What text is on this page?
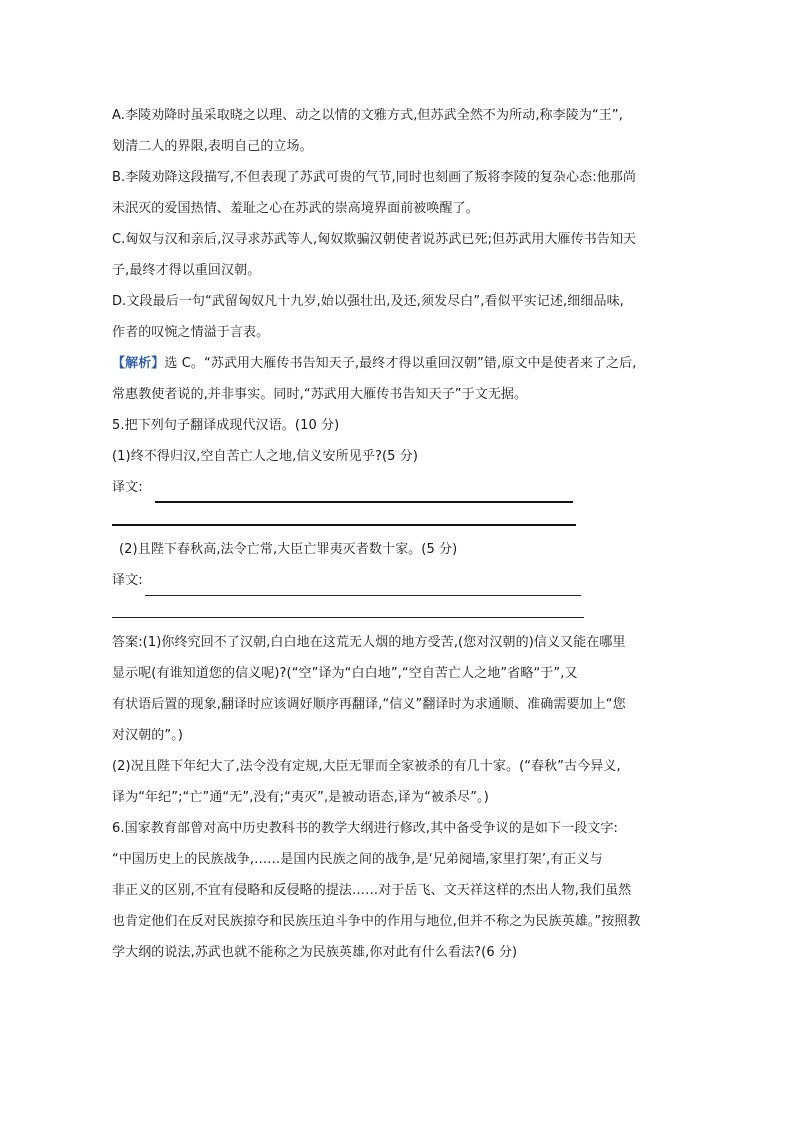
A.李陵劝降时虽采取晓之以理、动之以情的文雅方式,但苏武全然不为所动,称李陵为“王”,
划清二人的界限,表明自己的立场。
B.李陵劝降这段描写,不但表现了苏武可贵的气节,同时也刻画了叛将李陵的复杂心态:他那尚
未泯灭的爱国热情、羞耻之心在苏武的崇高境界面前被唤醒了。
C.匈奴与汉和亲后,汉寻求苏武等人,匈奴欺骗汉朝使者说苏武已死;但苏武用大雁传书告知天
子,最终才得以重回汉朝。
D.文段最后一句“武留匈奴凡十九岁,始以强壮出,及还,须发尽白”,看似平实记述,细细品味,
作者的叹惋之情溢于言表。
【解析】选 C。“苏武用大雁传书告知天子,最终才得以重回汉朝”错,原文中是使者来了之后,
常惠教使者说的,并非事实。同时,“苏武用大雁传书告知天子”于文无据。
5.把下列句子翻译成现代汉语。(10 分)
(1)终不得归汉,空自苦亡人之地,信义安所见乎?(5 分)
译文:
(2)且陛下春秋高,法令亡常,大臣亡罪夷灭者数十家。(5 分)
译文:
答案:(1)你终究回不了汉朝,白白地在这荒无人烟的地方受苦,(您对汉朝的)信义又能在哪里
显示呢(有谁知道您的信义呢)?(“空”译为“白白地”,“空自苦亡人之地”省略“于”,又
有状语后置的现象,翻译时应该调好顺序再翻译,“信义”翻译时为求通顺、准确需要加上“您
对汉朝的”。)
(2)况且陛下年纪大了,法令没有定规,大臣无罪而全家被杀的有几十家。(“春秋”古今异义,
译为“年纪”;“亡”通“无”,没有;“夷灭”,是被动语态,译为“被杀尽”。)
6.国家教育部曾对高中历史教科书的教学大纲进行修改,其中备受争议的是如下一段文字:
“中国历史上的民族战争,……是国内民族之间的战争,是‘兄弟阋墙,家里打架’,有正义与
非正义的区别,不宜有侵略和反侵略的提法……对于岳飞、文天祥这样的杰出人物,我们虽然
也肯定他们在反对民族掠夺和民族压迫斗争中的作用与地位,但并不称之为民族英雄。”按照教
学大纲的说法,苏武也就不能称之为民族英雄,你对此有什么看法?(6 分)
